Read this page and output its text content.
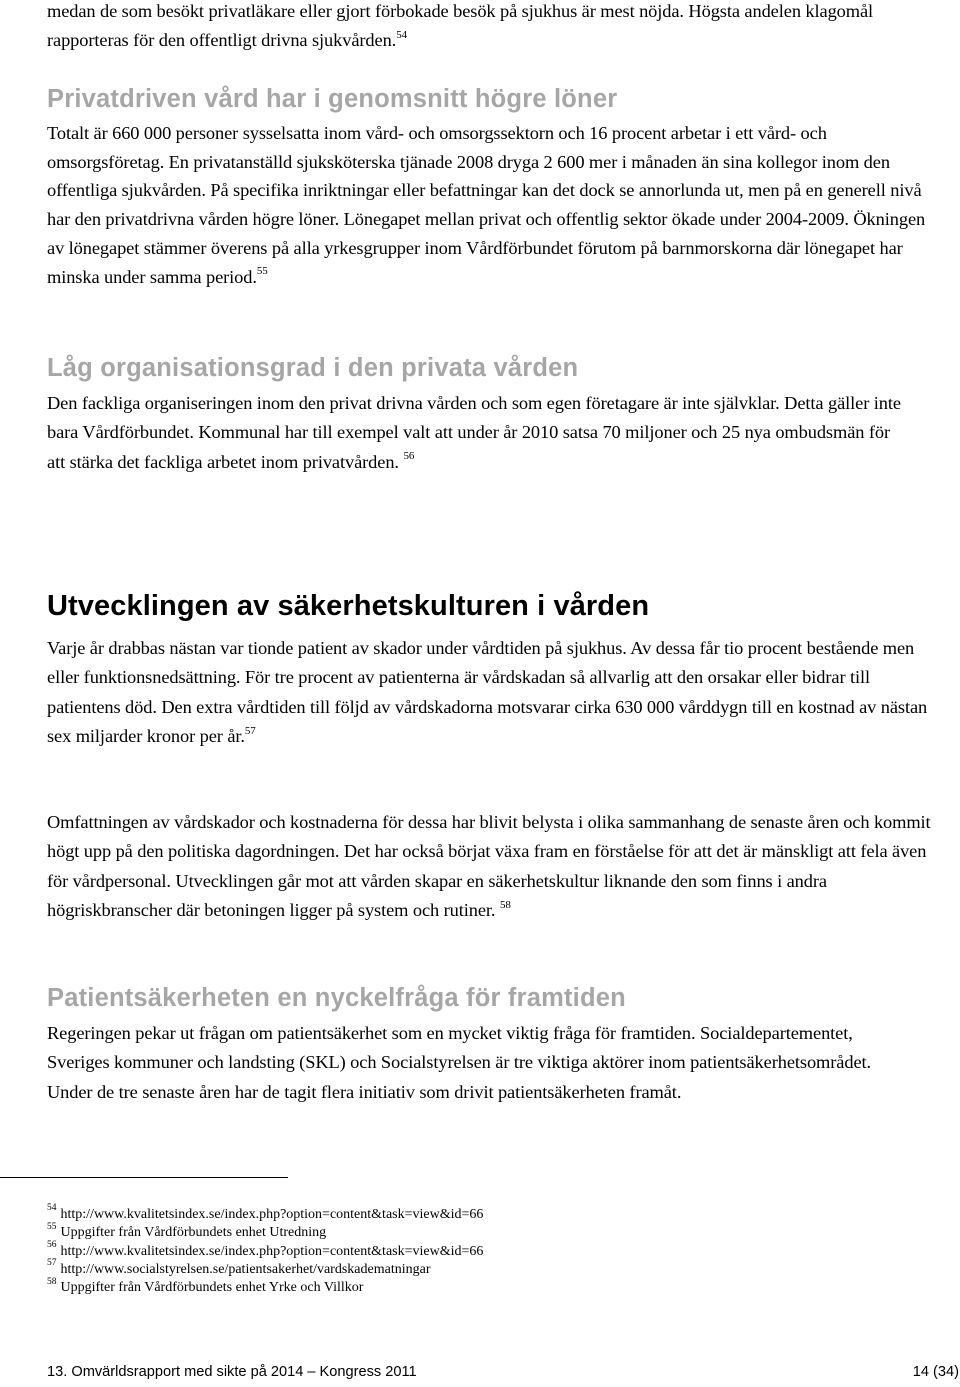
medan de som besökt privatläkare eller gjort förbokade besök på sjukhus är mest nöjda. Högsta andelen klagomål rapporteras för den offentligt drivna sjukvården.$^{54}$

Privatdriven vård har i genomsnitt högre löner

Totalt är 660 000 personer sysselsatta inom vård- och omsorgssektorn och 16 procent arbetar i ett vård- och omsorgsföretag. En privatanställd sjuksköterska tjänade 2008 dryga 2 600 mer i månaden än sina kollegor inom den offentliga sjukvården. På specifika inriktningar eller befattningar kan det dock se annorlunda ut, men på en generell nivå har den privatdrivna vården högre löner. Lönegapet mellan privat och offentlig sektor ökade under 2004-2009. Ökningen av lönegapet stämmer överens på alla yrkesgrupper inom Vårdförbundet förutom på barnmorskorna där lönegapet har minska under samma period.$^{55}$

Låg organisationsgrad i den privata vården

Den fackliga organiseringen inom den privat drivna vården och som egen företagare är inte självklar. Detta gäller inte bara Vårdförbundet. Kommunal har till exempel valt att under år 2010 satsa 70 miljoner och 25 nya ombudsmän för att stärka det fackliga arbetet inom privatvården. $^{56}$

Utvecklingen av säkerhetskulturen i vården

Varje år drabbas nästan var tionde patient av skador under vårdtiden på sjukhus. Av dessa får tio procent bestående men eller funktionsnedsättning. För tre procent av patienterna är vårdskadan så allvarlig att den orsakar eller bidrar till patientens död. Den extra vårdtiden till följd av vårdskadorna motsvarar cirka 630 000 vårddygn till en kostnad av nästan sex miljarder kronor per år.$^{57}$

Omfattningen av vårdskador och kostnaderna för dessa har blivit belysta i olika sammanhang de senaste åren och kommit högt upp på den politiska dagordningen. Det har också börjat växa fram en förståelse för att det är mänskligt att fela även för vårdpersonal. Utvecklingen går mot att vården skapar en säkerhetskultur liknande den som finns i andra högriskbranscher där betoningen ligger på system och rutiner. $^{58}$

Patientsäkerheten en nyckelfråga för framtiden

Regeringen pekar ut frågan om patientsäkerhet som en mycket viktig fråga för framtiden. Socialdepartementet, Sveriges kommuner och landsting (SKL) och Socialstyrelsen är tre viktiga aktörer inom patientsäkerhetsområdet. Under de tre senaste åren har de tagit flera initiativ som drivit patientsäkerheten framåt.

$^{54}$ http://www.kvalitetsindex.se/index.php?option=content&task=view&id=66
$^{55}$ Uppgifter från Vårdförbundets enhet Utredning
$^{56}$ http://www.kvalitetsindex.se/index.php?option=content&task=view&id=66
$^{57}$ http://www.socialstyrelsen.se/patientsakerhet/vardskadematningar
$^{58}$ Uppgifter från Vårdförbundets enhet Yrke och Villkor
13. Omvärldsrapport med sikte på 2014 – Kongress 2011	14 (34)
